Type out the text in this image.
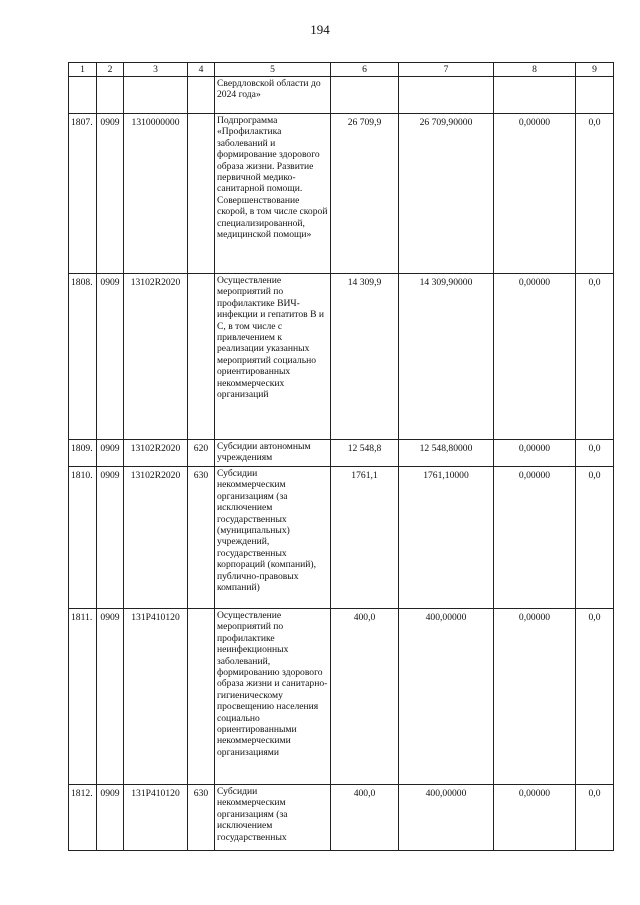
194
1	2	3	4	5	6	7	8	9
				Свердловской области до 2024 года»				
1807.	0909	1310000000		Подпрограмма «Профилактика заболеваний и формирование здорового образа жизни. Развитие первичной медико-санитарной помощи. Совершенствование скорой, в том числе скорой специализированной, медицинской помощи»	26 709,9	26 709,90000	0,00000	0,0
1808.	0909	13102R2020		Осуществление мероприятий по профилактике ВИЧ-инфекции и гепатитов В и С, в том числе с привлечением к реализации указанных мероприятий социально ориентированных некоммерческих организаций	14 309,9	14 309,90000	0,00000	0,0
1809.	0909	13102R2020	620	Субсидии автономным учреждениям	12 548,8	12 548,80000	0,00000	0,0
1810.	0909	13102R2020	630	Субсидии некоммерческим организациям (за исключением государственных (муниципальных) учреждений, государственных корпораций (компаний), публично-правовых компаний)	1761,1	1761,10000	0,00000	0,0
1811.	0909	131P410120		Осуществление мероприятий по профилактике неинфекционных заболеваний, формированию здорового образа жизни и санитарно-гигиеническому просвещению населения социально ориентированными некоммерческими организациями	400,0	400,00000	0,00000	0,0
1812.	0909	131P410120	630	Субсидии некоммерческим организациям (за исключением государственных	400,0	400,00000	0,00000	0,0
